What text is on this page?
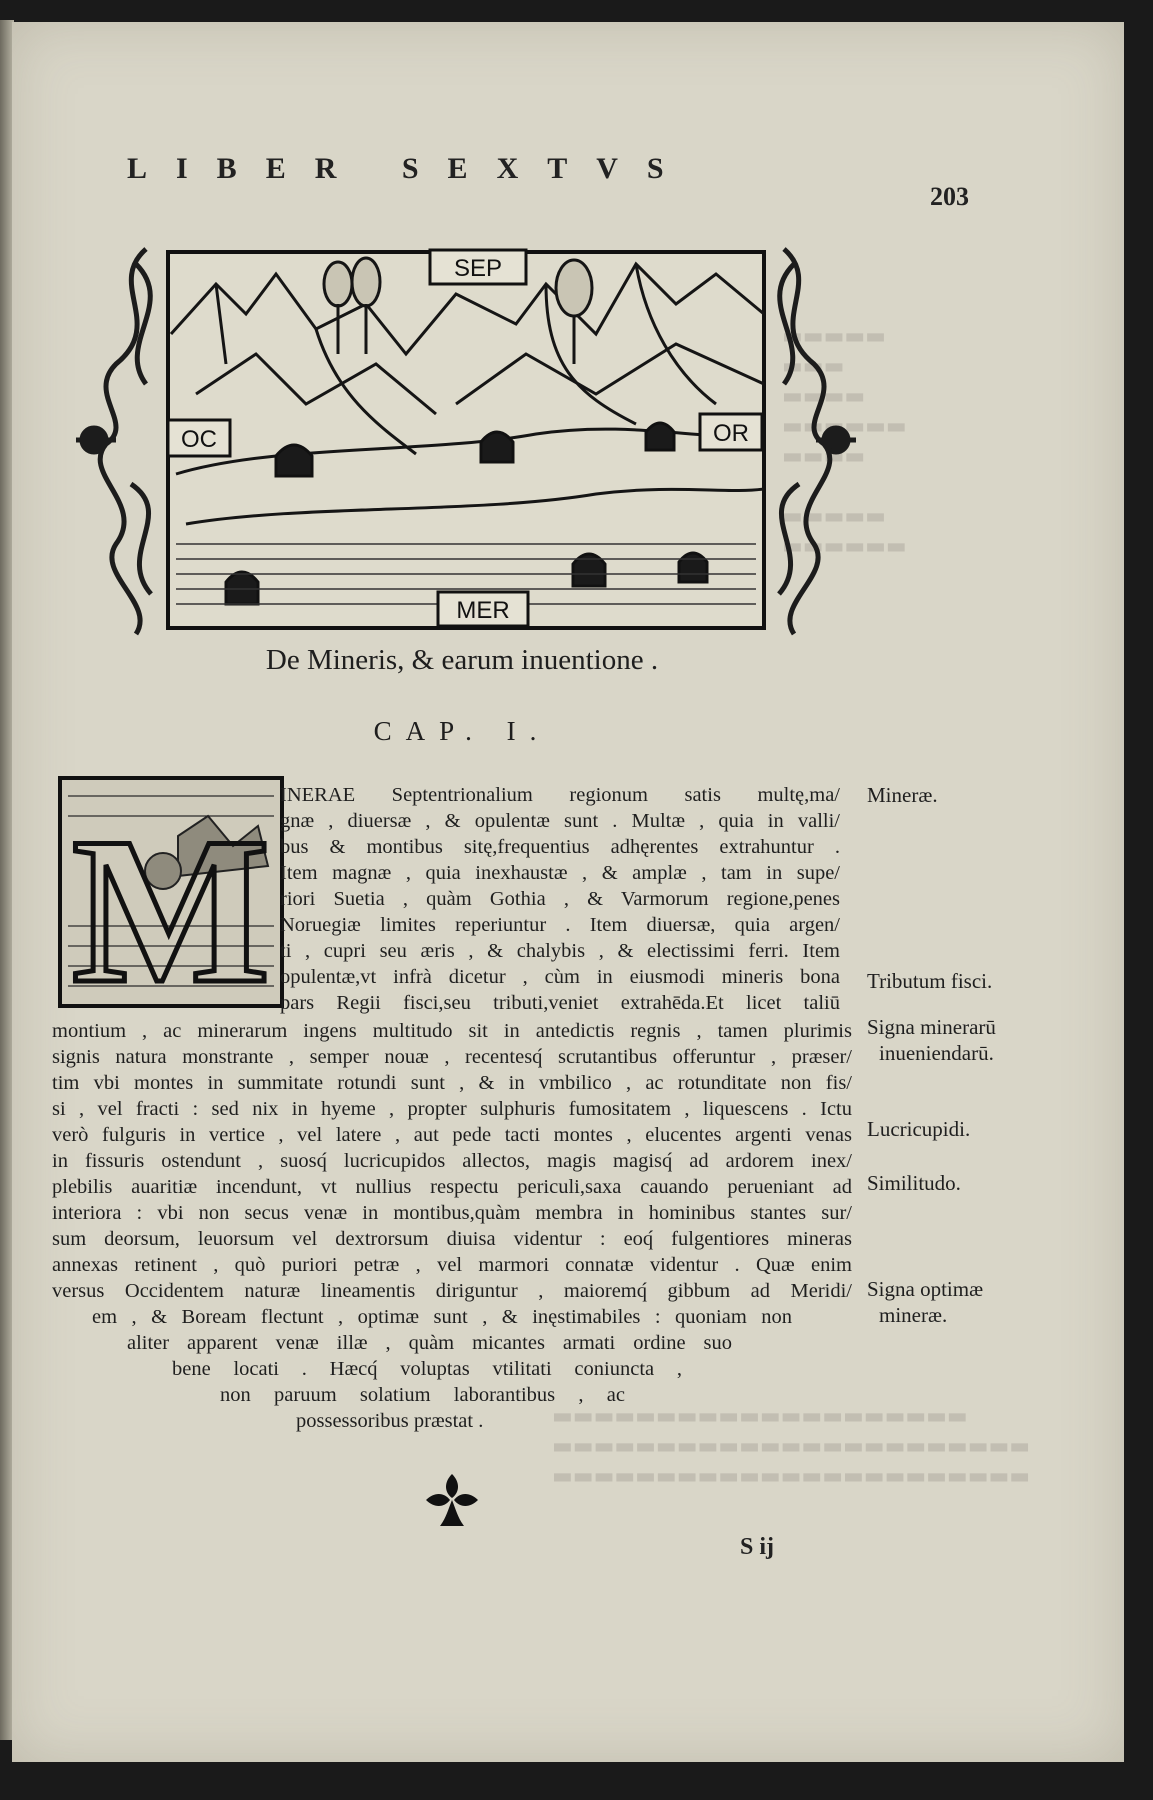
▬▬▬▬▬
▬▬▬
▬▬▬▬
▬▬▬▬▬▬
▬▬▬▬

▬▬▬▬▬
▬▬▬▬▬▬
▬▬▬▬▬▬▬▬▬▬▬▬▬▬▬▬▬▬▬▬
▬▬▬▬▬▬▬▬▬▬▬▬▬▬▬▬▬▬▬▬▬▬▬
▬▬▬▬▬▬▬▬▬▬▬▬▬▬▬▬▬▬▬▬▬▬▬
LIBER SEXTVS
203
SEP
OC	OR
MER
De Mineris, & earum inuentione .
CAP. I.
M INERAE Septentrionalium regionum satis multę,ma/
gnæ , diuersæ , & opulentæ sunt . Multæ , quia in valli/
bus & montibus sitę,frequentius adhęrentes extrahuntur .
Item magnæ , quia inexhaustæ , & amplæ , tam in supe/
riori Suetia , quàm Gothia , & Varmorum regione,penes
Noruegiæ limites reperiuntur . Item diuersæ, quia argen/
ti , cupri seu æris , & chalybis , & electissimi ferri. Item
opulentæ,vt infrà dicetur , cùm in eiusmodi mineris bona
pars Regii fisci,seu tributi,veniet extrahēda.Et licet taliū
montium , ac minerarum ingens multitudo sit in antedictis regnis , tamen plurimis
signis natura monstrante , semper nouæ , recentesq́ scrutantibus offeruntur , præser/
tim vbi montes in summitate rotundi sunt , & in vmbilico , ac rotunditate non fis/
si , vel fracti : sed nix in hyeme , propter sulphuris fumositatem , liquescens . Ictu
verò fulguris in vertice , vel latere , aut pede tacti montes , elucentes argenti venas
in fissuris ostendunt , suosq́ lucricupidos allectos, magis magisq́ ad ardorem inex/
plebilis auaritiæ incendunt, vt nullius respectu periculi,saxa cauando perueniant ad
interiora : vbi non secus venæ in montibus,quàm membra in hominibus stantes sur/
sum deorsum, leuorsum vel dextrorsum diuisa videntur : eoq́ fulgentiores mineras
annexas retinent , quò puriori petræ , vel marmori connatæ videntur . Quæ enim
versus Occidentem naturæ lineamentis diriguntur , maioremq́ gibbum ad Meridi/
em , & Boream flectunt , optimæ sunt , & inęstimabiles : quoniam non
aliter apparent venæ illæ , quàm micantes armati ordine suo
bene locati . Hæcq́ voluptas vtilitati coniuncta ,
non paruum solatium laborantibus , ac
possessoribus præstat .
Mineræ.
Tributum fisci.
Signa minerarū
inueniendarū.
Lucricupidi.
Similitudo.
Signa optimæ
mineræ.
S ij
